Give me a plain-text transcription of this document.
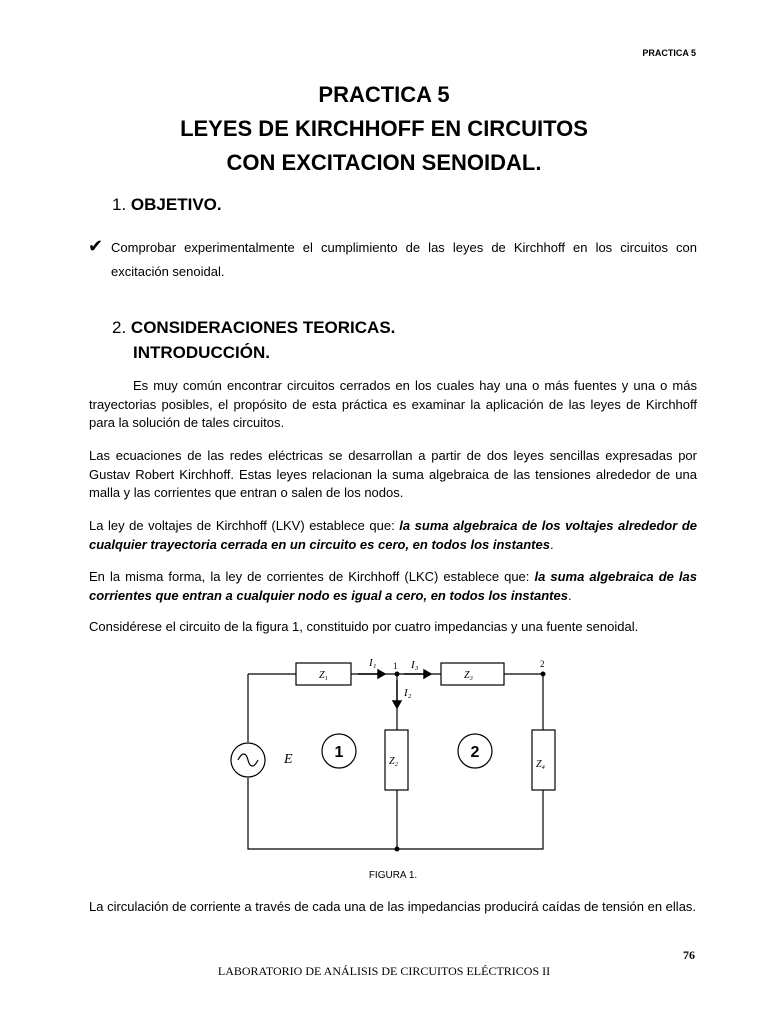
PRACTICA 5
PRACTICA 5
LEYES DE KIRCHHOFF EN CIRCUITOS
CON EXCITACION SENOIDAL.
1. OBJETIVO.
✔ Comprobar experimentalmente el cumplimiento de las leyes de Kirchhoff en los circuitos con
excitación senoidal.
2. CONSIDERACIONES TEORICAS.
INTRODUCCIÓN.
Es muy común encontrar circuitos cerrados en los cuales hay una o más fuentes y una o más trayectorias posibles, el propósito de esta práctica es examinar la aplicación de las leyes de Kirchhoff para la solución de tales circuitos.
Las ecuaciones de las redes eléctricas se desarrollan a partir de dos leyes sencillas expresadas por Gustav Robert Kirchhoff. Estas leyes relacionan la suma algebraica de las tensiones alrededor de una malla y las corrientes que entran o salen de los nodos.
La ley de voltajes de Kirchhoff (LKV) establece que: la suma algebraica de los voltajes alrededor de cualquier trayectoria cerrada en un circuito es cero, en todos los instantes.
En la misma forma, la ley de corrientes de Kirchhoff (LKC) establece que: la suma algebraica de las corrientes que entran a cualquier nodo es igual a cero, en todos los instantes.
Considérese el circuito de la figura 1, constituido por cuatro impedancias y una fuente senoidal.
Z₁	Z₃
Z₂	Z₄
I₁	I₃
I₂
1	2
E	1	2
FIGURA 1.
La circulación de corriente a través de cada una de las impedancias producirá caídas de tensión en ellas.
76
LABORATORIO DE ANÁLISIS DE CIRCUITOS ELÉCTRICOS II
